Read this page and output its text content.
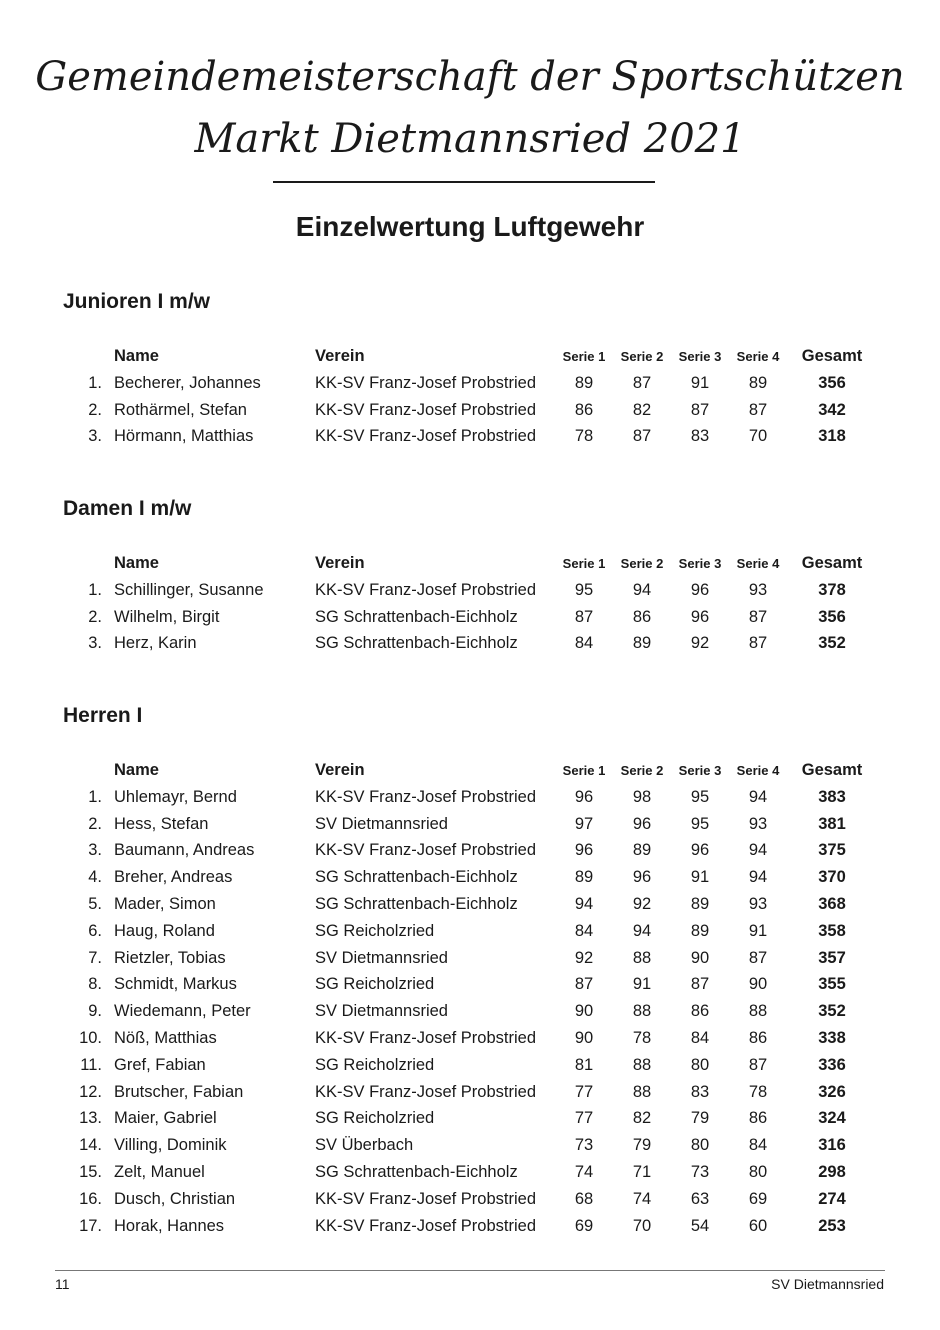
Gemeindemeisterschaft der Sportschützen
Markt Dietmannsried 2021
Einzelwertung Luftgewehr
Junioren I m/w
Name	Verein	Serie 1	Serie 2	Serie 3	Serie 4	Gesamt
1. Becherer, Johannes	KK-SV Franz-Josef Probstried	89	87	91	89	356
2. Rothärmel, Stefan	KK-SV Franz-Josef Probstried	86	82	87	87	342
3. Hörmann, Matthias	KK-SV Franz-Josef Probstried	78	87	83	70	318
Damen I m/w
Name	Verein	Serie 1	Serie 2	Serie 3	Serie 4	Gesamt
1. Schillinger, Susanne	KK-SV Franz-Josef Probstried	95	94	96	93	378
2. Wilhelm, Birgit	SG Schrattenbach-Eichholz	87	86	96	87	356
3. Herz, Karin	SG Schrattenbach-Eichholz	84	89	92	87	352
Herren I
Name	Verein	Serie 1	Serie 2	Serie 3	Serie 4	Gesamt
1. Uhlemayr, Bernd	KK-SV Franz-Josef Probstried	96	98	95	94	383
2. Hess, Stefan	SV Dietmannsried	97	96	95	93	381
3. Baumann, Andreas	KK-SV Franz-Josef Probstried	96	89	96	94	375
4. Breher, Andreas	SG Schrattenbach-Eichholz	89	96	91	94	370
5. Mader, Simon	SG Schrattenbach-Eichholz	94	92	89	93	368
6. Haug, Roland	SG Reicholzried	84	94	89	91	358
7. Rietzler, Tobias	SV Dietmannsried	92	88	90	87	357
8. Schmidt, Markus	SG Reicholzried	87	91	87	90	355
9. Wiedemann, Peter	SV Dietmannsried	90	88	86	88	352
10. Nöß, Matthias	KK-SV Franz-Josef Probstried	90	78	84	86	338
11. Gref, Fabian	SG Reicholzried	81	88	80	87	336
12. Brutscher, Fabian	KK-SV Franz-Josef Probstried	77	88	83	78	326
13. Maier, Gabriel	SG Reicholzried	77	82	79	86	324
14. Villing, Dominik	SV Überbach	73	79	80	84	316
15. Zelt, Manuel	SG Schrattenbach-Eichholz	74	71	73	80	298
16. Dusch, Christian	KK-SV Franz-Josef Probstried	68	74	63	69	274
17. Horak, Hannes	KK-SV Franz-Josef Probstried	69	70	54	60	253
11	SV Dietmannsried
